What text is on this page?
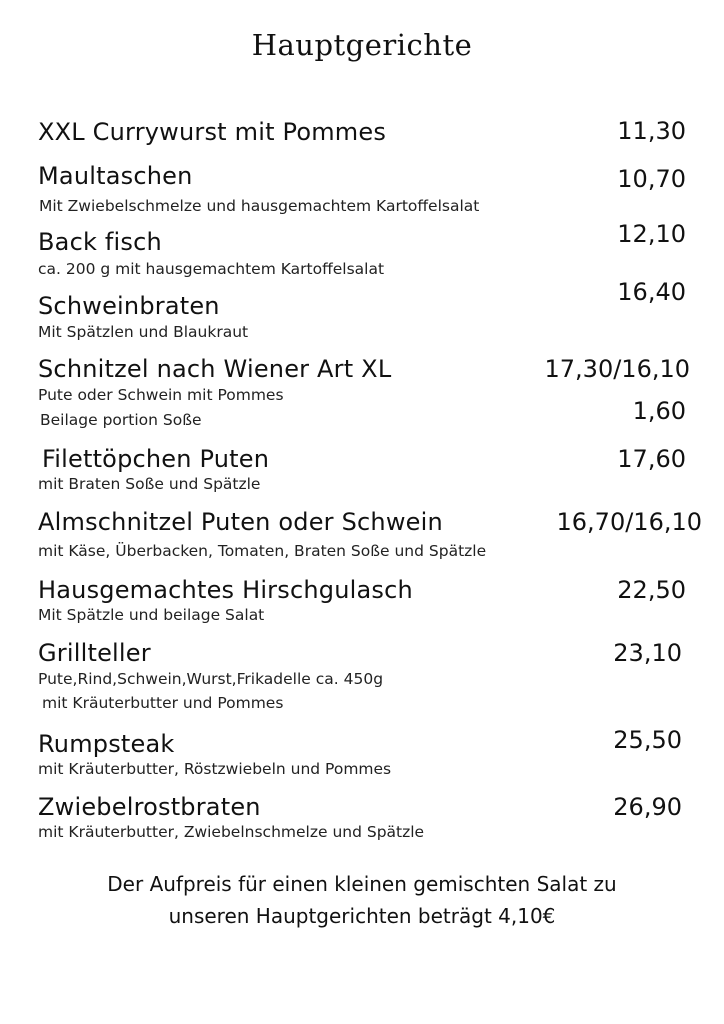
Hauptgerichte
XXL Currywurst mit Pommes	11,30
Maultaschen	10,70
Mit Zwiebelschmelze und hausgemachtem Kartoffelsalat
Back fisch	12,10
ca. 200 g mit hausgemachtem Kartoffelsalat
Schweinbraten	16,40
Mit Spätzlen und Blaukraut
Schnitzel nach Wiener Art XL	17,30/16,10
Pute oder Schwein mit Pommes
Beilage portion Soße	1,60
Filettöpchen Puten	17,60
mit Braten Soße und Spätzle
Almschnitzel Puten oder Schwein	16,70/16,10
mit Käse, Überbacken, Tomaten, Braten Soße und Spätzle
Hausgemachtes Hirschgulasch	22,50
Mit Spätzle und beilage Salat
Grillteller	23,10
Pute,Rind,Schwein,Wurst,Frikadelle ca. 450g
mit Kräuterbutter und Pommes
Rumpsteak	25,50
mit Kräuterbutter, Röstzwiebeln und Pommes
Zwiebelrostbraten	26,90
mit Kräuterbutter, Zwiebelnschmelze und Spätzle
Der Aufpreis für einen kleinen gemischten Salat zu
unseren Hauptgerichten beträgt 4,10€
